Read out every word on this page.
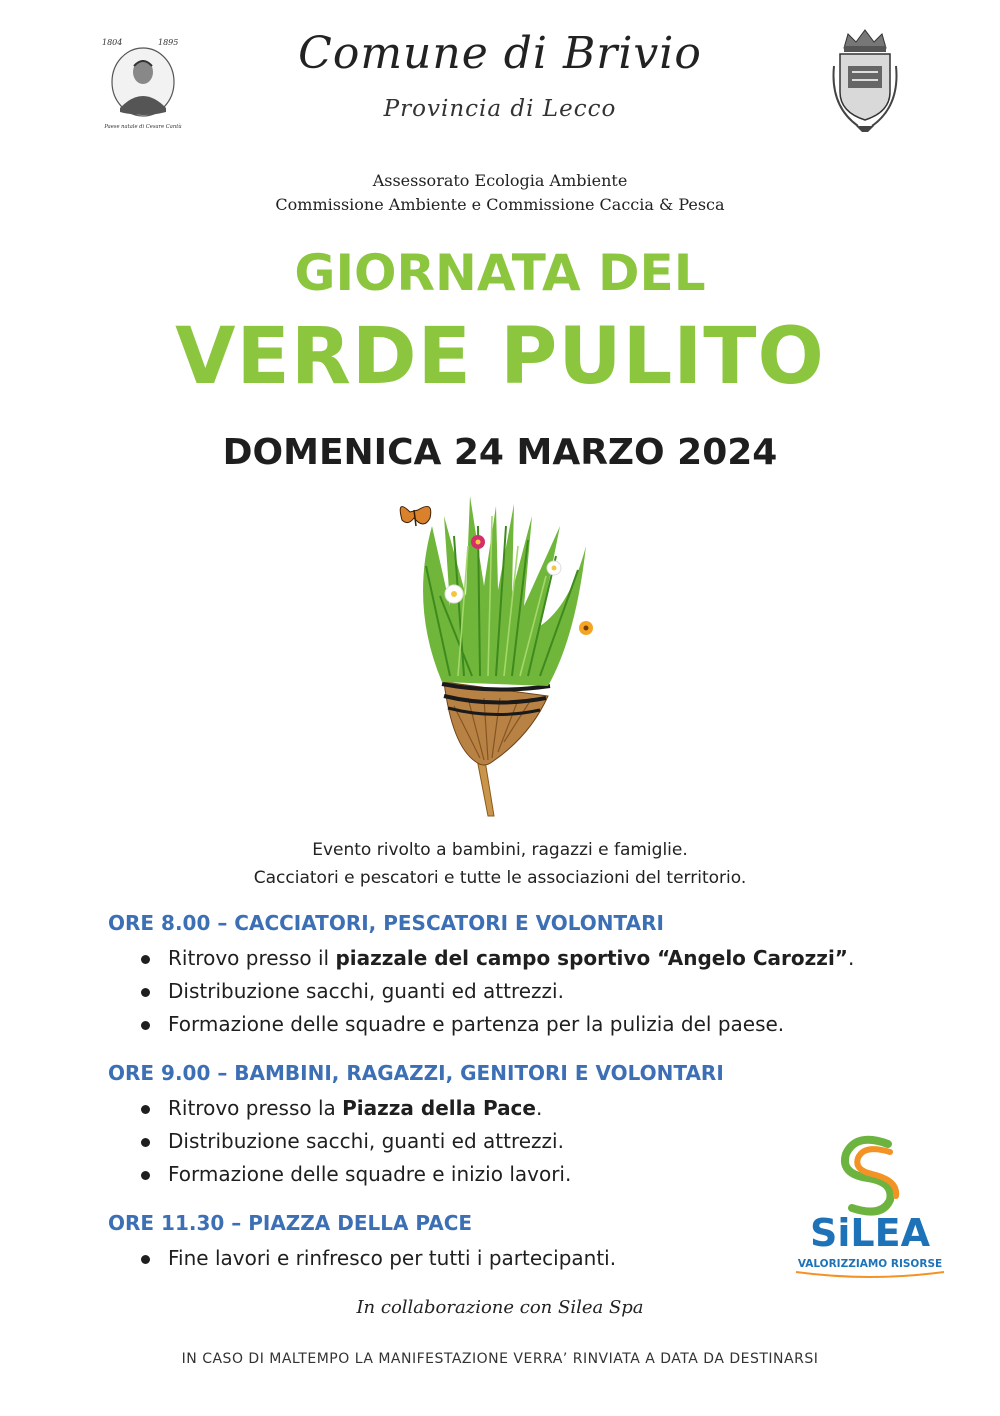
1804	1895
Paese natale di Cesare Cantù
Comune di Brivio
Provincia di Lecco
Assessorato Ecologia Ambiente
Commissione Ambiente e Commissione Caccia & Pesca
GIORNATA DEL
VERDE PULITO
DOMENICA 24 MARZO 2024
Evento rivolto a bambini, ragazzi e famiglie.
Cacciatori e pescatori e tutte le associazioni del territorio.
ORE 8.00 – CACCIATORI, PESCATORI E VOLONTARI
Ritrovo presso il piazzale del campo sportivo “Angelo Carozzi”.
Distribuzione sacchi, guanti ed attrezzi.
Formazione delle squadre e partenza per la pulizia del paese.
ORE 9.00 – BAMBINI, RAGAZZI, GENITORI E VOLONTARI
Ritrovo presso la Piazza della Pace.
Distribuzione sacchi, guanti ed attrezzi.
Formazione delle squadre e inizio lavori.
ORE 11.30 – PIAZZA DELLA PACE
Fine lavori e rinfresco per tutti i partecipanti.
SiLEA
VALORIZZIAMO RISORSE
In collaborazione con Silea Spa
IN CASO DI MALTEMPO LA MANIFESTAZIONE VERRA’ RINVIATA A DATA DA DESTINARSI
